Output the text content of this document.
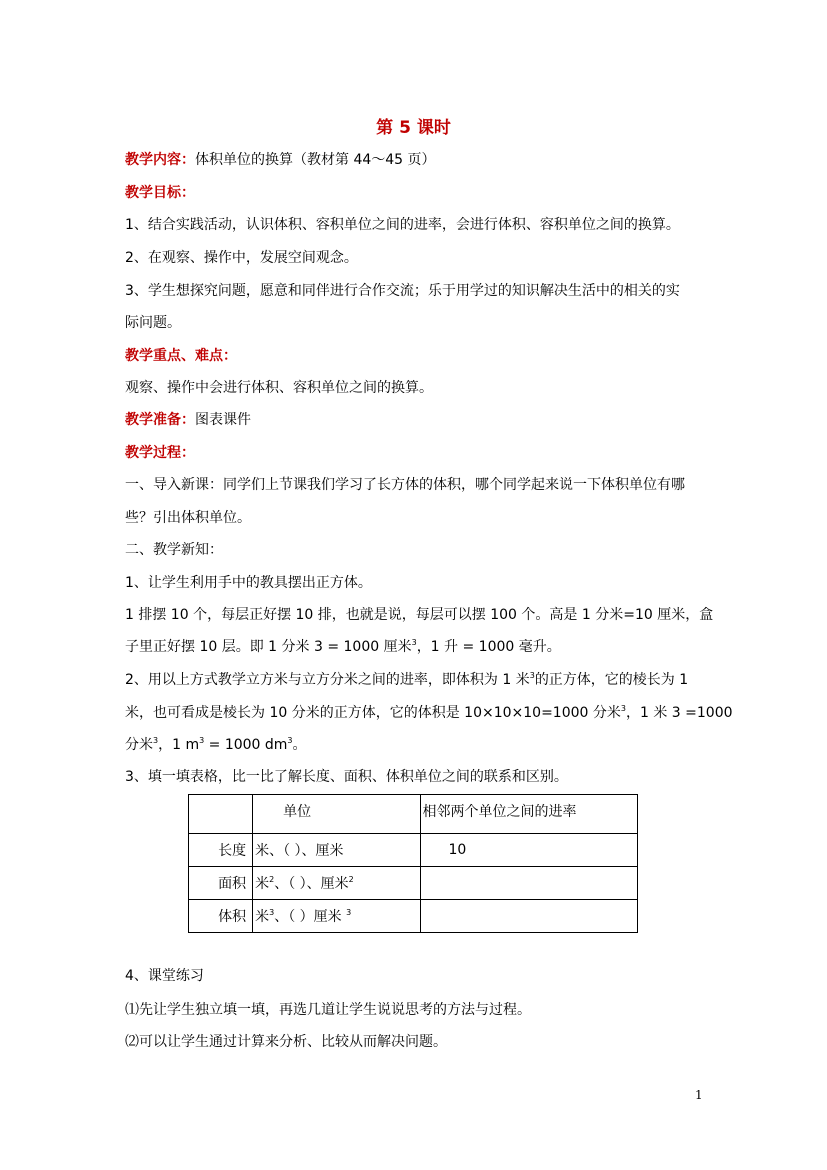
第 5 课时
教学内容：体积单位的换算（教材第 44～45 页）
教学目标：
1、结合实践活动，认识体积、容积单位之间的进率，会进行体积、容积单位之间的换算。
2、在观察、操作中，发展空间观念。
3、学生想探究问题，愿意和同伴进行合作交流；乐于用学过的知识解决生活中的相关的实
际问题。
教学重点、难点：
观察、操作中会进行体积、容积单位之间的换算。
教学准备：图表课件
教学过程：
一、导入新课：同学们上节课我们学习了长方体的体积，哪个同学起来说一下体积单位有哪
些？引出体积单位。
二、教学新知：
1、让学生利用手中的教具摆出正方体。
1 排摆 10 个，每层正好摆 10 排，也就是说，每层可以摆 100 个。高是 1 分米=10 厘米，盒
子里正好摆 10 层。即 1 分米 3 = 1000 厘米$^3$，1 升 = 1000 毫升。
2、用以上方式教学立方米与立方分米之间的进率，即体积为 1 米$^3$的正方体，它的棱长为 1
米，也可看成是棱长为 10 分米的正方体，它的体积是 10×10×10=1000 分米$^3$，1 米 3 =1000
分米$^3$，1 $m^3 = 1000$ $dm^3$。
3、填一填表格，比一比了解长度、面积、体积单位之间的联系和区别。
	单位	相邻两个单位之间的进率
长度	米、（ ）、厘米	10
面积	米$^2$、（ ）、厘米$^2$	
体积	米$^3$、（ ）厘米 $^3$	
4、课堂练习
⑴先让学生独立填一填，再选几道让学生说说思考的方法与过程。
⑵可以让学生通过计算来分析、比较从而解决问题。
1
